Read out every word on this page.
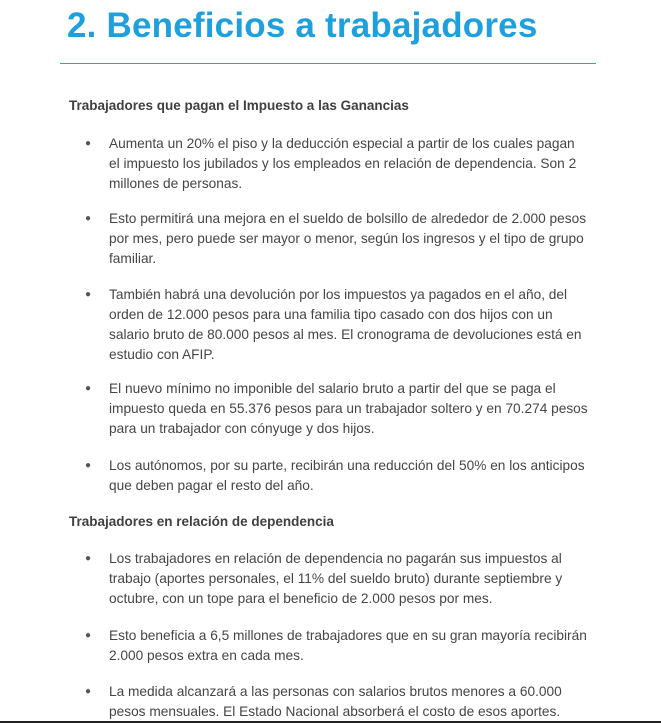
2. Beneficios a trabajadores
Trabajadores que pagan el Impuesto a las Ganancias
● Aumenta un 20% el piso y la deducción especial a partir de los cuales pagan el impuesto los jubilados y los empleados en relación de dependencia. Son 2 millones de personas.

● Esto permitirá una mejora en el sueldo de bolsillo de alrededor de 2.000 pesos por mes, pero puede ser mayor o menor, según los ingresos y el tipo de grupo familiar.

● También habrá una devolución por los impuestos ya pagados en el año, del orden de 12.000 pesos para una familia tipo casado con dos hijos con un salario bruto de 80.000 pesos al mes. El cronograma de devoluciones está en estudio con AFIP.

● El nuevo mínimo no imponible del salario bruto a partir del que se paga el impuesto queda en 55.376 pesos para un trabajador soltero y en 70.274 pesos para un trabajador con cónyuge y dos hijos.

● Los autónomos, por su parte, recibirán una reducción del 50% en los anticipos que deben pagar el resto del año.

Trabajadores en relación de dependencia
● Los trabajadores en relación de dependencia no pagarán sus impuestos al trabajo (aportes personales, el 11% del sueldo bruto) durante septiembre y octubre, con un tope para el beneficio de 2.000 pesos por mes.

● Esto beneficia a 6,5 millones de trabajadores que en su gran mayoría recibirán 2.000 pesos extra en cada mes.

● La medida alcanzará a las personas con salarios brutos menores a 60.000 pesos mensuales. El Estado Nacional absorberá el costo de esos aportes.
